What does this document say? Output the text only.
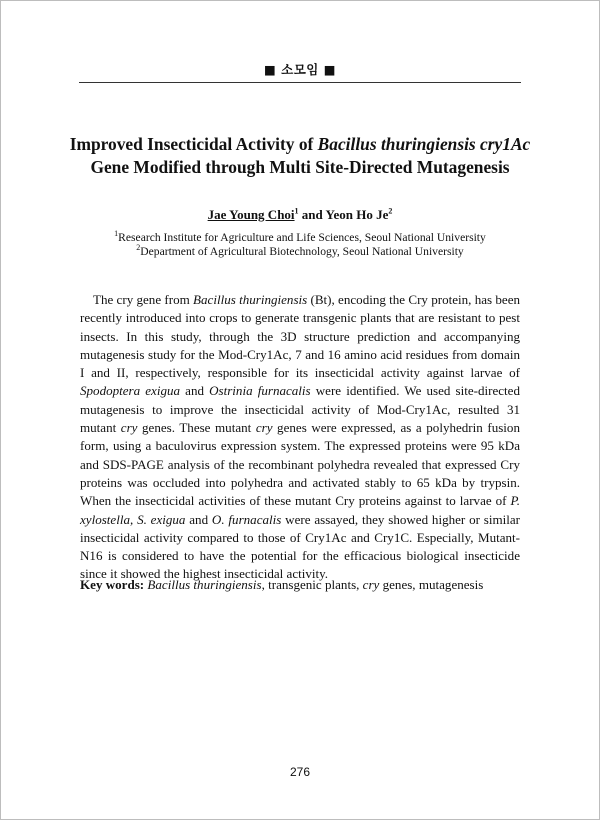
■ 소모임 ■
Improved Insecticidal Activity of Bacillus thuringiensis cry1Ac
Gene Modified through Multi Site-Directed Mutagenesis
Jae Young Choi$^1$ and Yeon Ho Je$^2$
$^1$Research Institute for Agriculture and Life Sciences, Seoul National University
$^2$Department of Agricultural Biotechnology, Seoul National University

The cry gene from Bacillus thuringiensis (Bt), encoding the Cry protein, has been recently introduced into crops to generate transgenic plants that are resistant to pest insects. In this study, through the 3D structure prediction and accompanying mutagenesis study for the Mod-Cry1Ac, 7 and 16 amino acid residues from domain I and II, respectively, responsible for its insecticidal activity against larvae of Spodoptera exigua and Ostrinia furnacalis were identified. We used site-directed mutagenesis to improve the insecticidal activity of Mod-Cry1Ac, resulted 31 mutant cry genes. These mutant cry genes were expressed, as a polyhedrin fusion form, using a baculovirus expression system. The expressed proteins were 95 kDa and SDS-PAGE analysis of the recombinant polyhedra revealed that expressed Cry proteins was occluded into polyhedra and activated stably to 65 kDa by trypsin. When the insecticidal activities of these mutant Cry proteins against to larvae of P. xylostella, S. exigua and O. furnacalis were assayed, they showed higher or similar insecticidal activity compared to those of Cry1Ac and Cry1C. Especially, Mutant-N16 is considered to have the potential for the efficacious biological insecticide since it showed the highest insecticidal activity.

Key words: Bacillus thuringiensis, transgenic plants, cry genes, mutagenesis

276
